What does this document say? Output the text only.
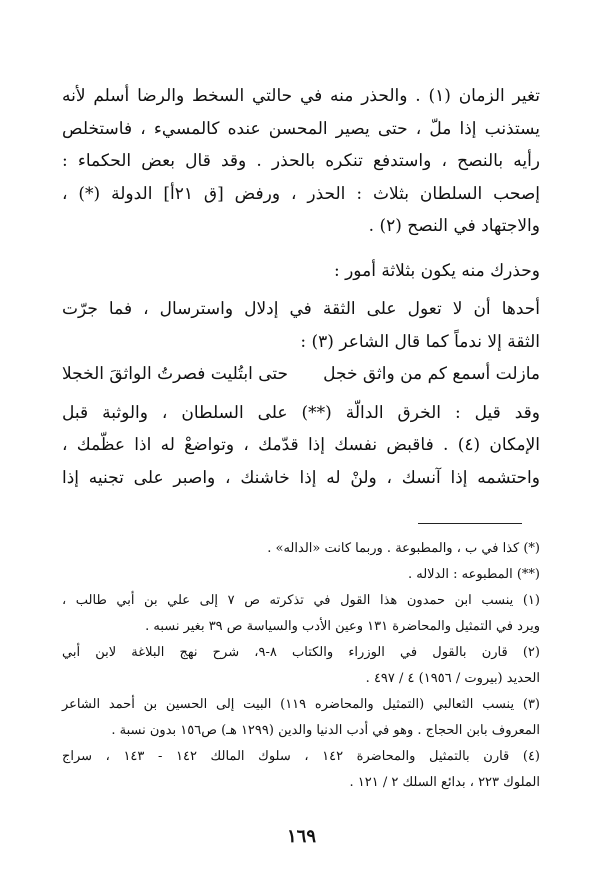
تغير الزمان (١) . والحذر منه في حالتي السخط والرضا أسلم لأنه
يستذنب إذا ملّ ، حتى يصير المحسن عنده كالمسيء ، فاستخلص
رأيه بالنصح ، واستدفع تنكره بالحذر . وقد قال بعض الحكماء :
إصحب السلطان بثلاث : الحذر ، ورفض [ق ٢١أ] الدولة (*) ،
والاجتهاد في النصح (٢) .
وحذرك منه يكون بثلاثة أمور :
أحدها أن لا تعول على الثقة في إدلال واسترسال ، فما جرّت
الثقة إلا ندماً كما قال الشاعر (٣) :
مازلت أسمع كم من واثق خجل
حتى ابتُليت فصرتُ الواثقَ الخجلا
وقد قيل : الخرق الدالّة (**) على السلطان ، والوثبة قبل
الإمكان (٤) . فاقبض نفسك إذا قدّمك ، وتواضعْ له اذا عظّمك ،
واحتشمه إذا آنسك ، ولنْ له إذا خاشنك ، واصبر على تجنيه إذا
(*) كذا في ب ، والمطبوعة . وربما كانت «الداله» .
(**) المطبوعه : الدلاله .
(١) ينسب ابن حمدون هذا القول في تذكرته ص ٧ إلى علي بن أبي طالب ،
ويرد في التمثيل والمحاضرة ١٣١ وعين الأدب والسياسة ص ٣٩ بغير نسبه .
(٢) قارن بالقول في الوزراء والكتاب ٨-٩، شرح نهج البلاغة لابن أبي
الحديد (بيروت / ١٩٥٦) ٤ / ٤٩٧ .
(٣) ينسب الثعالبي (التمثيل والمحاضره ١١٩) البيت إلى الحسين بن أحمد الشاعر
المعروف بابن الحجاج . وهو في أدب الدنيا والدين (١٢٩٩ هـ) ص١٥٦ بدون نسبة .
(٤) قارن بالتمثيل والمحاضرة ١٤٢ ، سلوك المالك ١٤٢ - ١٤٣ ، سراج
الملوك ٢٢٣ ، بدائع السلك ٢ / ١٢١ .
١٦٩
